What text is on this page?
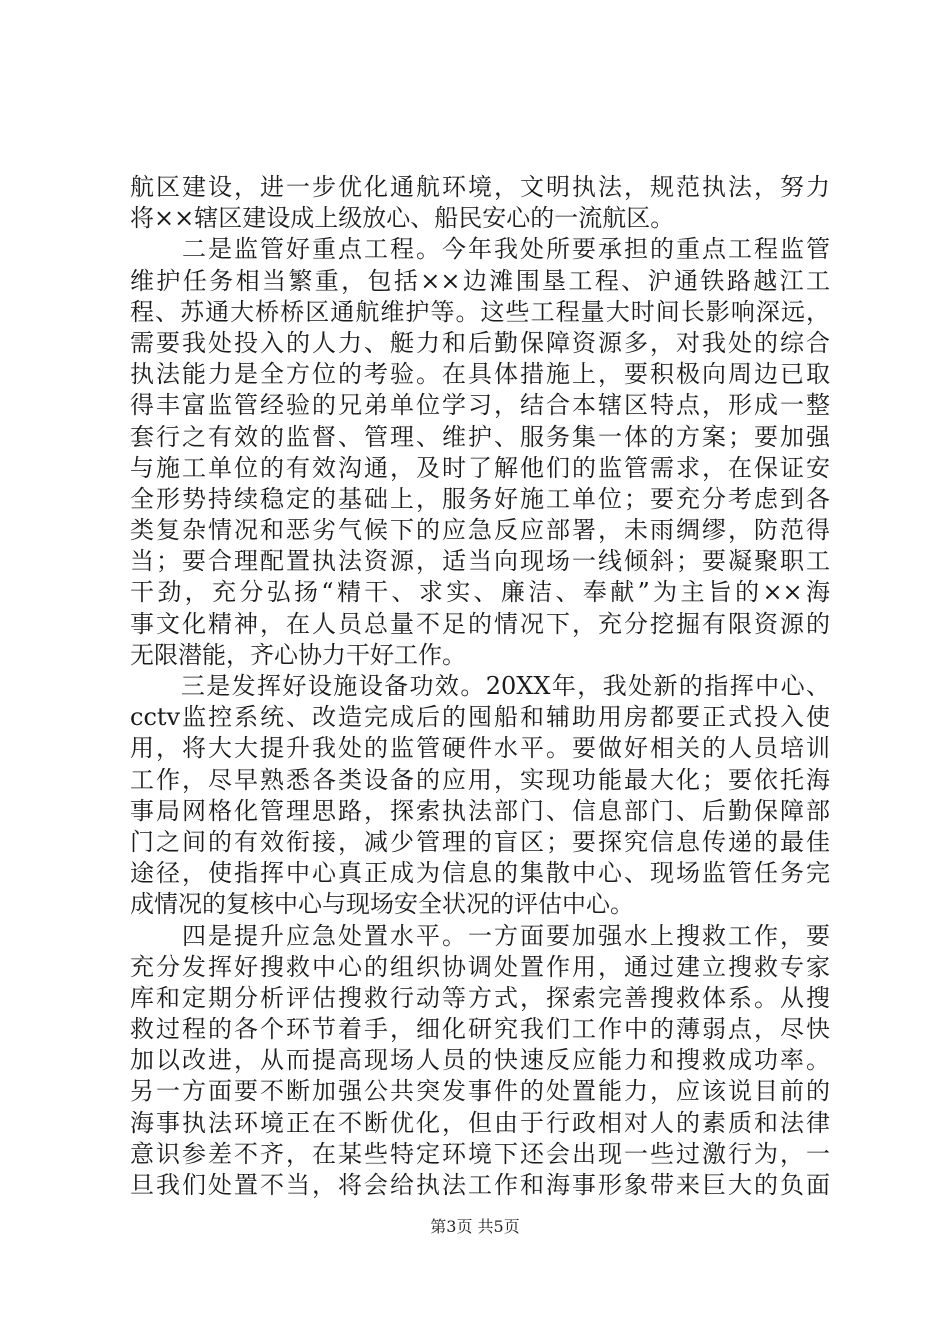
航区建设，进一步优化通航环境，文明执法，规范执法，努力
将××辖区建设成上级放心、船民安心的一流航区。
　　二是监管好重点工程。今年我处所要承担的重点工程监管
维护任务相当繁重，包括××边滩围垦工程、沪通铁路越江工
程、苏通大桥桥区通航维护等。这些工程量大时间长影响深远，
需要我处投入的人力、艇力和后勤保障资源多，对我处的综合
执法能力是全方位的考验。在具体措施上，要积极向周边已取
得丰富监管经验的兄弟单位学习，结合本辖区特点，形成一整
套行之有效的监督、管理、维护、服务集一体的方案；要加强
与施工单位的有效沟通，及时了解他们的监管需求，在保证安
全形势持续稳定的基础上，服务好施工单位；要充分考虑到各
类复杂情况和恶劣气候下的应急反应部署，未雨绸缪，防范得
当；要合理配置执法资源，适当向现场一线倾斜；要凝聚职工
干劲，充分弘扬“精干、求实、廉洁、奉献”为主旨的××海
事文化精神，在人员总量不足的情况下，充分挖掘有限资源的
无限潜能，齐心协力干好工作。
　　三是发挥好设施设备功效。20XX年，我处新的指挥中心、
cctv监控系统、改造完成后的囤船和辅助用房都要正式投入使
用，将大大提升我处的监管硬件水平。要做好相关的人员培训
工作，尽早熟悉各类设备的应用，实现功能最大化；要依托海
事局网格化管理思路，探索执法部门、信息部门、后勤保障部
门之间的有效衔接，减少管理的盲区；要探究信息传递的最佳
途径，使指挥中心真正成为信息的集散中心、现场监管任务完
成情况的复核中心与现场安全状况的评估中心。
　　四是提升应急处置水平。一方面要加强水上搜救工作，要
充分发挥好搜救中心的组织协调处置作用，通过建立搜救专家
库和定期分析评估搜救行动等方式，探索完善搜救体系。从搜
救过程的各个环节着手，细化研究我们工作中的薄弱点，尽快
加以改进，从而提高现场人员的快速反应能力和搜救成功率。
另一方面要不断加强公共突发事件的处置能力，应该说目前的
海事执法环境正在不断优化，但由于行政相对人的素质和法律
意识参差不齐，在某些特定环境下还会出现一些过激行为，一
旦我们处置不当，将会给执法工作和海事形象带来巨大的负面
第3页 共5页
